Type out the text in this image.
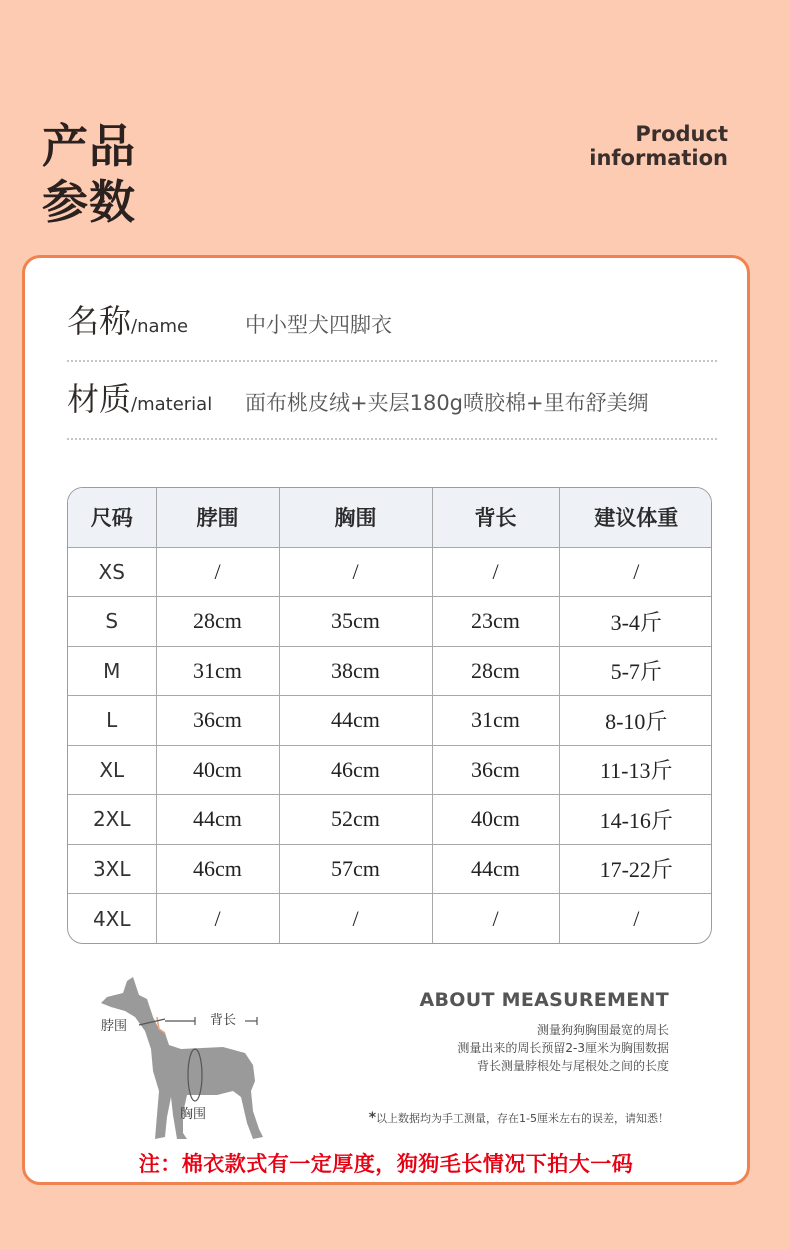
产品
参数
Product
information
名称/name	中小型犬四脚衣
材质/material 面布桃皮绒+夹层180g喷胶棉+里布舒美绸
尺码	脖围	胸围	背长	建议体重
XS	/	/	/	/
S	28cm	35cm	23cm	3-4斤
M	31cm	38cm	28cm	5-7斤
L	36cm	44cm	31cm	8-10斤
XL	40cm	46cm	36cm	11-13斤
2XL	44cm	52cm	40cm	14-16斤
3XL	46cm	57cm	44cm	17-22斤
4XL	/	/	/	/
脖围	背长
胸围
ABOUT MEASUREMENT
测量狗狗胸围最宽的周长
测量出来的周长预留2-3厘米为胸围数据
背长测量脖根处与尾根处之间的长度
*以上数据均为手工测量，存在1-5厘米左右的误差，请知悉！
注：棉衣款式有一定厚度，狗狗毛长情况下拍大一码
